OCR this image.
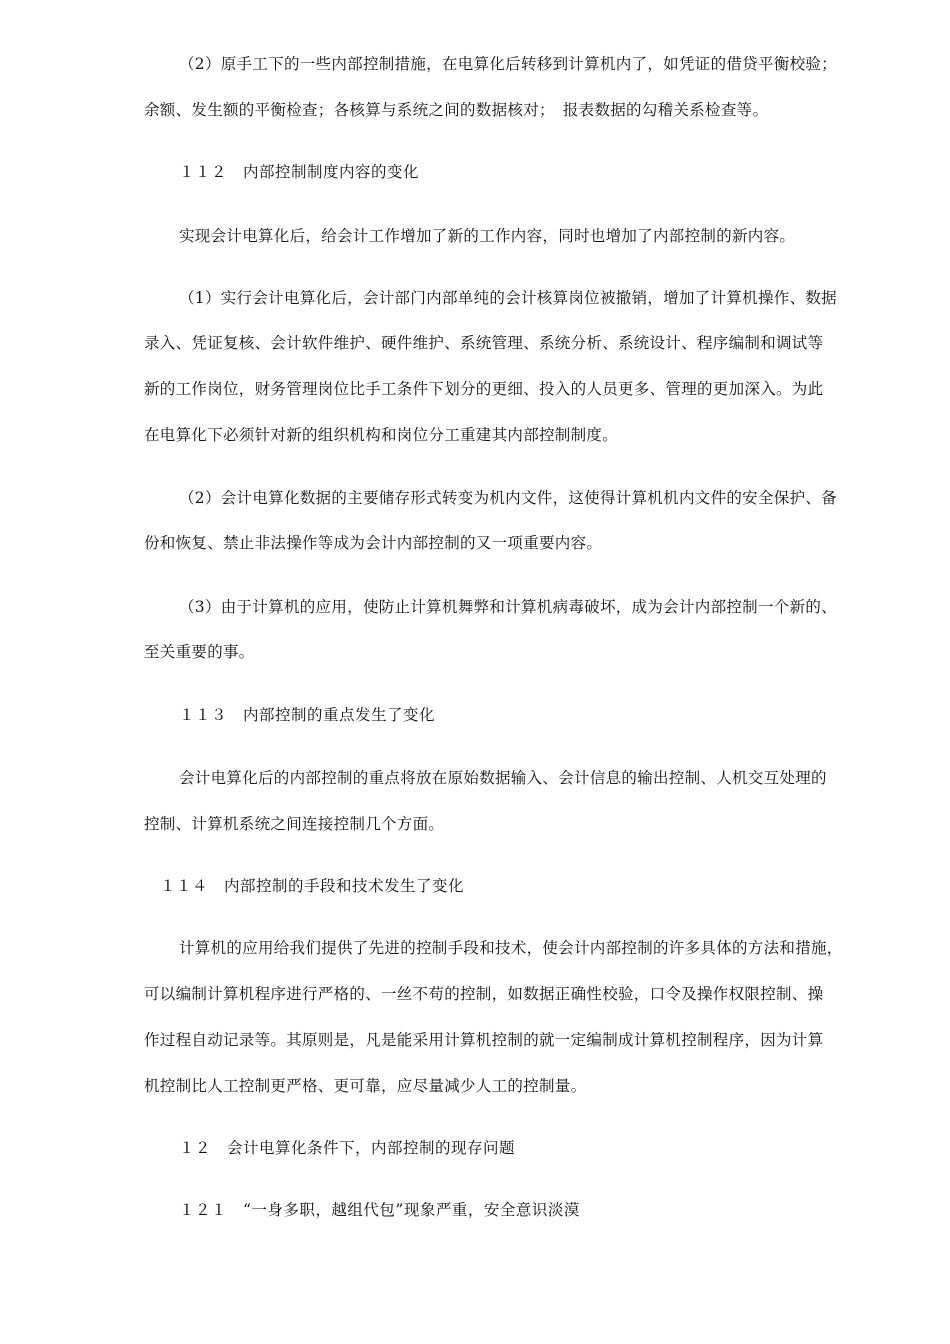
（2）原手工下的一些内部控制措施，在电算化后转移到计算机内了，如凭证的借贷平衡校验；
余额、发生额的平衡检查；各核算与系统之间的数据核对；　报表数据的勾稽关系检查等。
１１２　内部控制制度内容的变化
实现会计电算化后，给会计工作增加了新的工作内容，同时也增加了内部控制的新内容。
（1）实行会计电算化后，会计部门内部单纯的会计核算岗位被撤销，增加了计算机操作、数据
录入、凭证复核、会计软件维护、硬件维护、系统管理、系统分析、系统设计、程序编制和调试等
新的工作岗位，财务管理岗位比手工条件下划分的更细、投入的人员更多、管理的更加深入。为此
在电算化下必须针对新的组织机构和岗位分工重建其内部控制制度。
（2）会计电算化数据的主要储存形式转变为机内文件，这使得计算机机内文件的安全保护、备
份和恢复、禁止非法操作等成为会计内部控制的又一项重要内容。
（3）由于计算机的应用，使防止计算机舞弊和计算机病毒破坏，成为会计内部控制一个新的、
至关重要的事。
１１３　内部控制的重点发生了变化
会计电算化后的内部控制的重点将放在原始数据输入、会计信息的输出控制、人机交互处理的
控制、计算机系统之间连接控制几个方面。
１１４　内部控制的手段和技术发生了变化
计算机的应用给我们提供了先进的控制手段和技术，使会计内部控制的许多具体的方法和措施，
可以编制计算机程序进行严格的、一丝不苟的控制，如数据正确性校验，口令及操作权限控制、操
作过程自动记录等。其原则是，凡是能采用计算机控制的就一定编制成计算机控制程序，因为计算
机控制比人工控制更严格、更可靠，应尽量减少人工的控制量。
１２　会计电算化条件下，内部控制的现存问题
１２１　“一身多职，越组代包”现象严重，安全意识淡漠
